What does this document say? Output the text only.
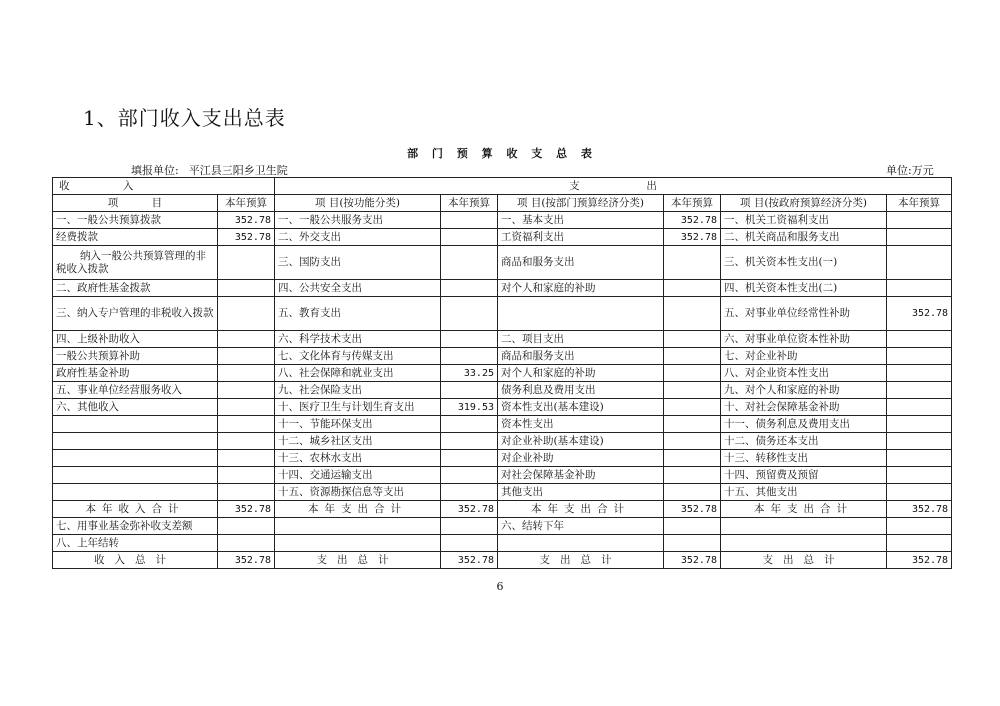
1、部门收入支出总表
部 门 预 算 收 支 总 表
填报单位: 平江县三阳乡卫生院	单位:万元
收                入		支                    出					
项          目	本年预算	项 目(按功能分类)	本年预算	项 目(按部门预算经济分类)	本年预算	项 目(按政府预算经济分类)	本年预算
一、一般公共预算拨款	352.78	一、一般公共服务支出		一、基本支出	352.78	一、机关工资福利支出	
经费拨款	352.78	二、外交支出		工资福利支出	352.78	二、机关商品和服务支出	
纳入一般公共预算管理的非税收入拨款		三、国防支出		商品和服务支出		三、机关资本性支出(一)	
二、政府性基金拨款		四、公共安全支出		对个人和家庭的补助		四、机关资本性支出(二)	
三、纳入专户管理的非税收入拨款		五、教育支出				五、对事业单位经常性补助	352.78
四、上级补助收入		六、科学技术支出		二、项目支出		六、对事业单位资本性补助	
一般公共预算补助		七、文化体育与传媒支出		商品和服务支出		七、对企业补助	
政府性基金补助		八、社会保障和就业支出	33.25	对个人和家庭的补助		八、对企业资本性支出	
五、事业单位经营服务收入		九、社会保险支出		债务利息及费用支出		九、对个人和家庭的补助	
六、其他收入		十、医疗卫生与计划生育支出	319.53	资本性支出(基本建设)		十、对社会保障基金补助	
		十一、节能环保支出		资本性支出		十一、债务利息及费用支出	
		十二、城乡社区支出		对企业补助(基本建设)		十二、债务还本支出	
		十三、农林水支出		对企业补助		十三、转移性支出	
		十四、交通运输支出		对社会保障基金补助		十四、预留费及预留	
		十五、资源勘探信息等支出		其他支出		十五、其他支出	
本年收入合计	352.78	本年支出合计	352.78	本年支出合计	352.78	本年支出合计	352.78
七、用事业基金弥补收支差额				六、结转下年			
八、上年结转							
收入总计	352.78	支出总计	352.78	支出总计	352.78	支出总计	352.78
6
